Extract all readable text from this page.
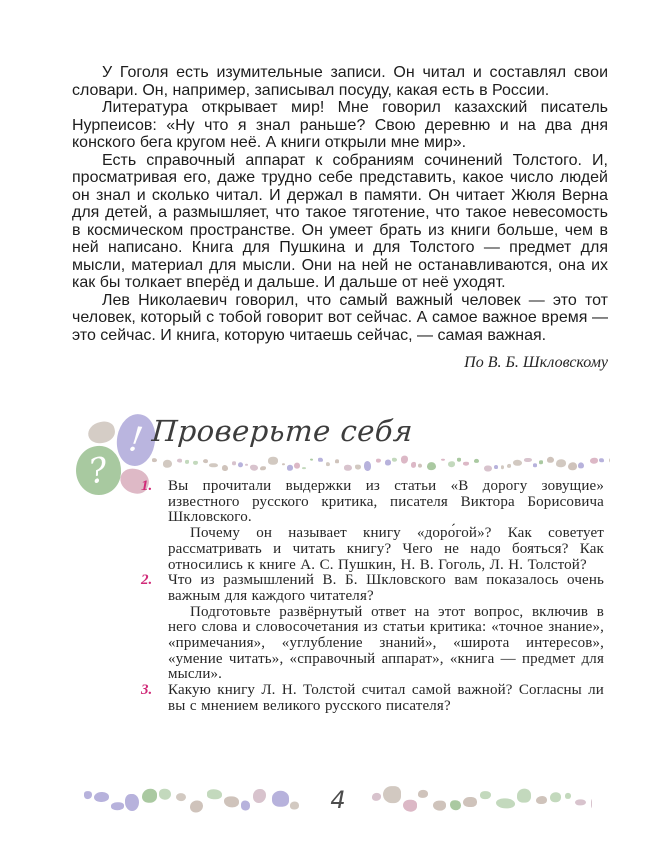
У Гоголя есть изумительные записи. Он читал и составлял свои словари. Он, например, записывал посуду, какая есть в России.

Литература открывает мир! Мне говорил казахский писатель Нурпеисов: «Ну что я знал раньше? Свою деревню и на два дня конского бега кругом неё. А книги открыли мне мир».

Есть справочный аппарат к собраниям сочинений Толстого. И, просматривая его, даже трудно себе представить, какое число людей он знал и сколько читал. И держал в памяти. Он читает Жюля Верна для детей, а размышляет, что такое тяготение, что такое невесомость в космическом пространстве. Он умеет брать из книги больше, чем в ней написано. Книга для Пушкина и для Толстого — предмет для мысли, материал для мысли. Они на ней не останавливаются, она их как бы толкает вперёд и дальше. И дальше от неё уходят.

Лев Николаевич говорил, что самый важный человек — это тот человек, который с тобой говорит вот сейчас. А самое важное время — это сейчас. И книга, которую читаешь сейчас, — самая важная.

По В. Б. Шкловскому
!
?
Проверьте себя
1.	Вы прочитали выдержки из статьи «В дорогу зовущие» известного русского критика, писателя Виктора Борисовича Шкловского.

Почему он называет книгу «доро́гой»? Как советует рассматривать и читать книгу? Чего не надо бояться? Как относились к книге А. С. Пушкин, Н. В. Гоголь, Л. Н. Толстой?

2.	Что из размышлений В. Б. Шкловского вам показалось очень важным для каждого читателя?

Подготовьте развёрнутый ответ на этот вопрос, включив в него слова и словосочетания из статьи критика: «точное знание», «примечания», «углубление знаний», «широта интересов», «умение читать», «справочный аппарат», «книга — предмет для мысли».

3.	Какую книгу Л. Н. Толстой считал самой важной? Согласны ли вы с мнением великого русского писателя?

4
